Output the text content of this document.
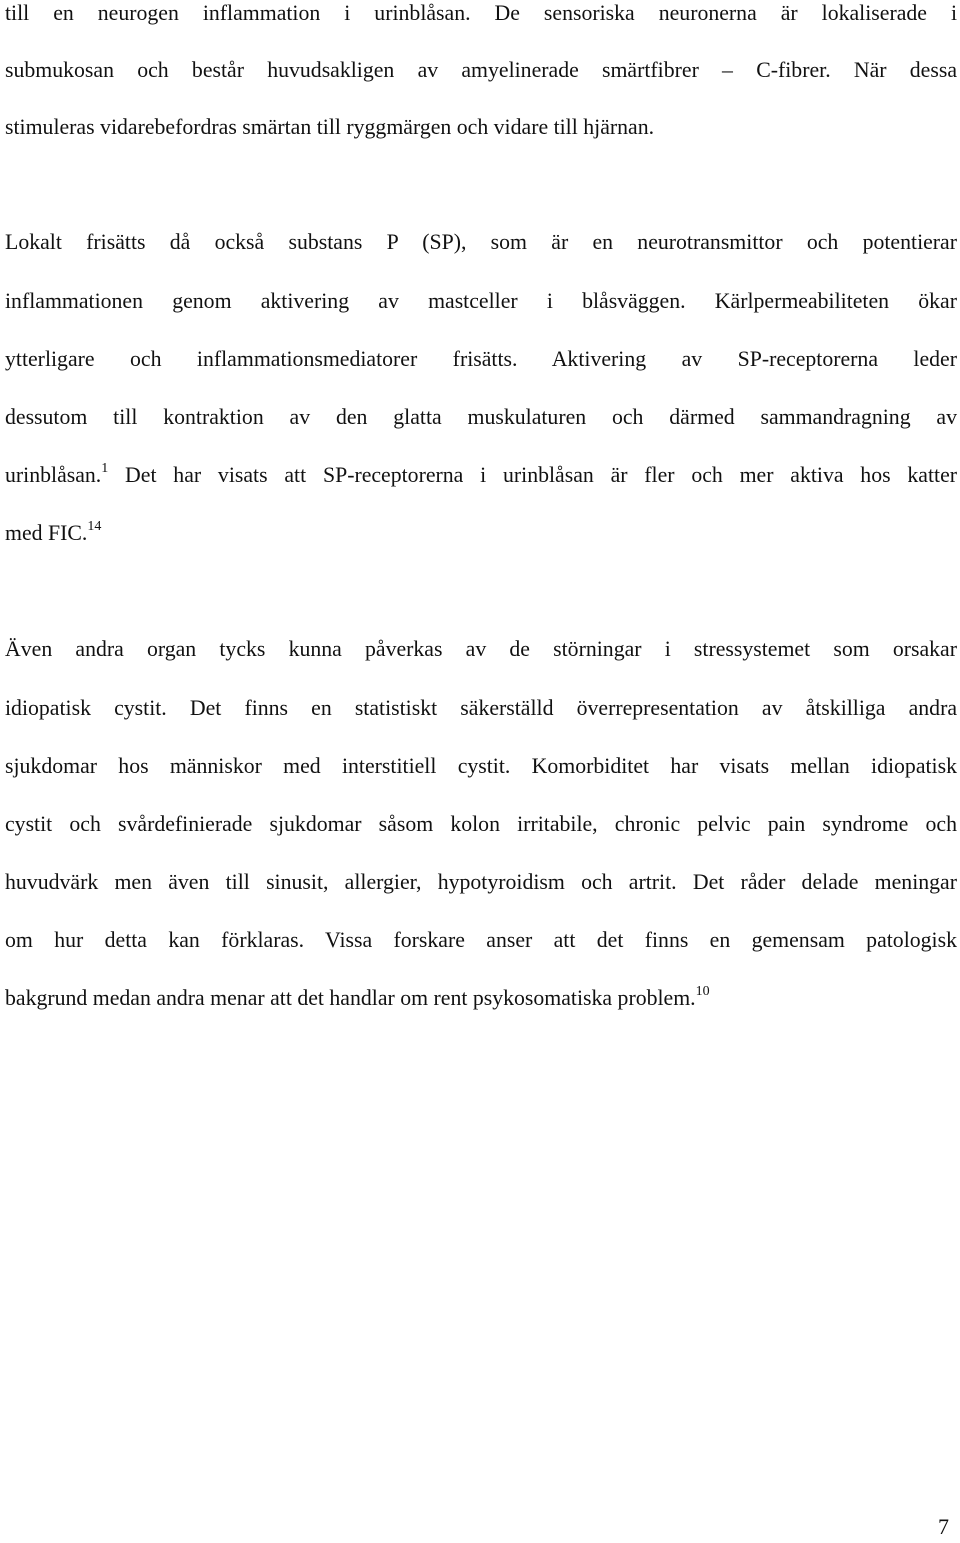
till en neurogen inflammation i urinblåsan. De sensoriska neuronerna är lokaliserade i
submukosan och består huvudsakligen av amyelinerade smärtfibrer – C-fibrer. När dessa
stimuleras vidarebefordras smärtan till ryggmärgen och vidare till hjärnan.
Lokalt frisätts då också substans P (SP), som är en neurotransmittor och potentierar
inflammationen genom aktivering av mastceller i blåsväggen. Kärlpermeabiliteten ökar
ytterligare och inflammationsmediatorer frisätts. Aktivering av SP-receptorerna leder
dessutom till kontraktion av den glatta muskulaturen och därmed sammandragning av
urinblåsan.$^1$ Det har visats att SP-receptorerna i urinblåsan är fler och mer aktiva hos katter
med FIC.$^{14}$
Även andra organ tycks kunna påverkas av de störningar i stressystemet som orsakar
idiopatisk cystit. Det finns en statistiskt säkerställd överrepresentation av åtskilliga andra
sjukdomar hos människor med interstitiell cystit. Komorbiditet har visats mellan idiopatisk
cystit och svårdefinierade sjukdomar såsom kolon irritabile, chronic pelvic pain syndrome och
huvudvärk men även till sinusit, allergier, hypotyroidism och artrit. Det råder delade meningar
om hur detta kan förklaras. Vissa forskare anser att det finns en gemensam patologisk
bakgrund medan andra menar att det handlar om rent psykosomatiska problem.$^{10}$
7
